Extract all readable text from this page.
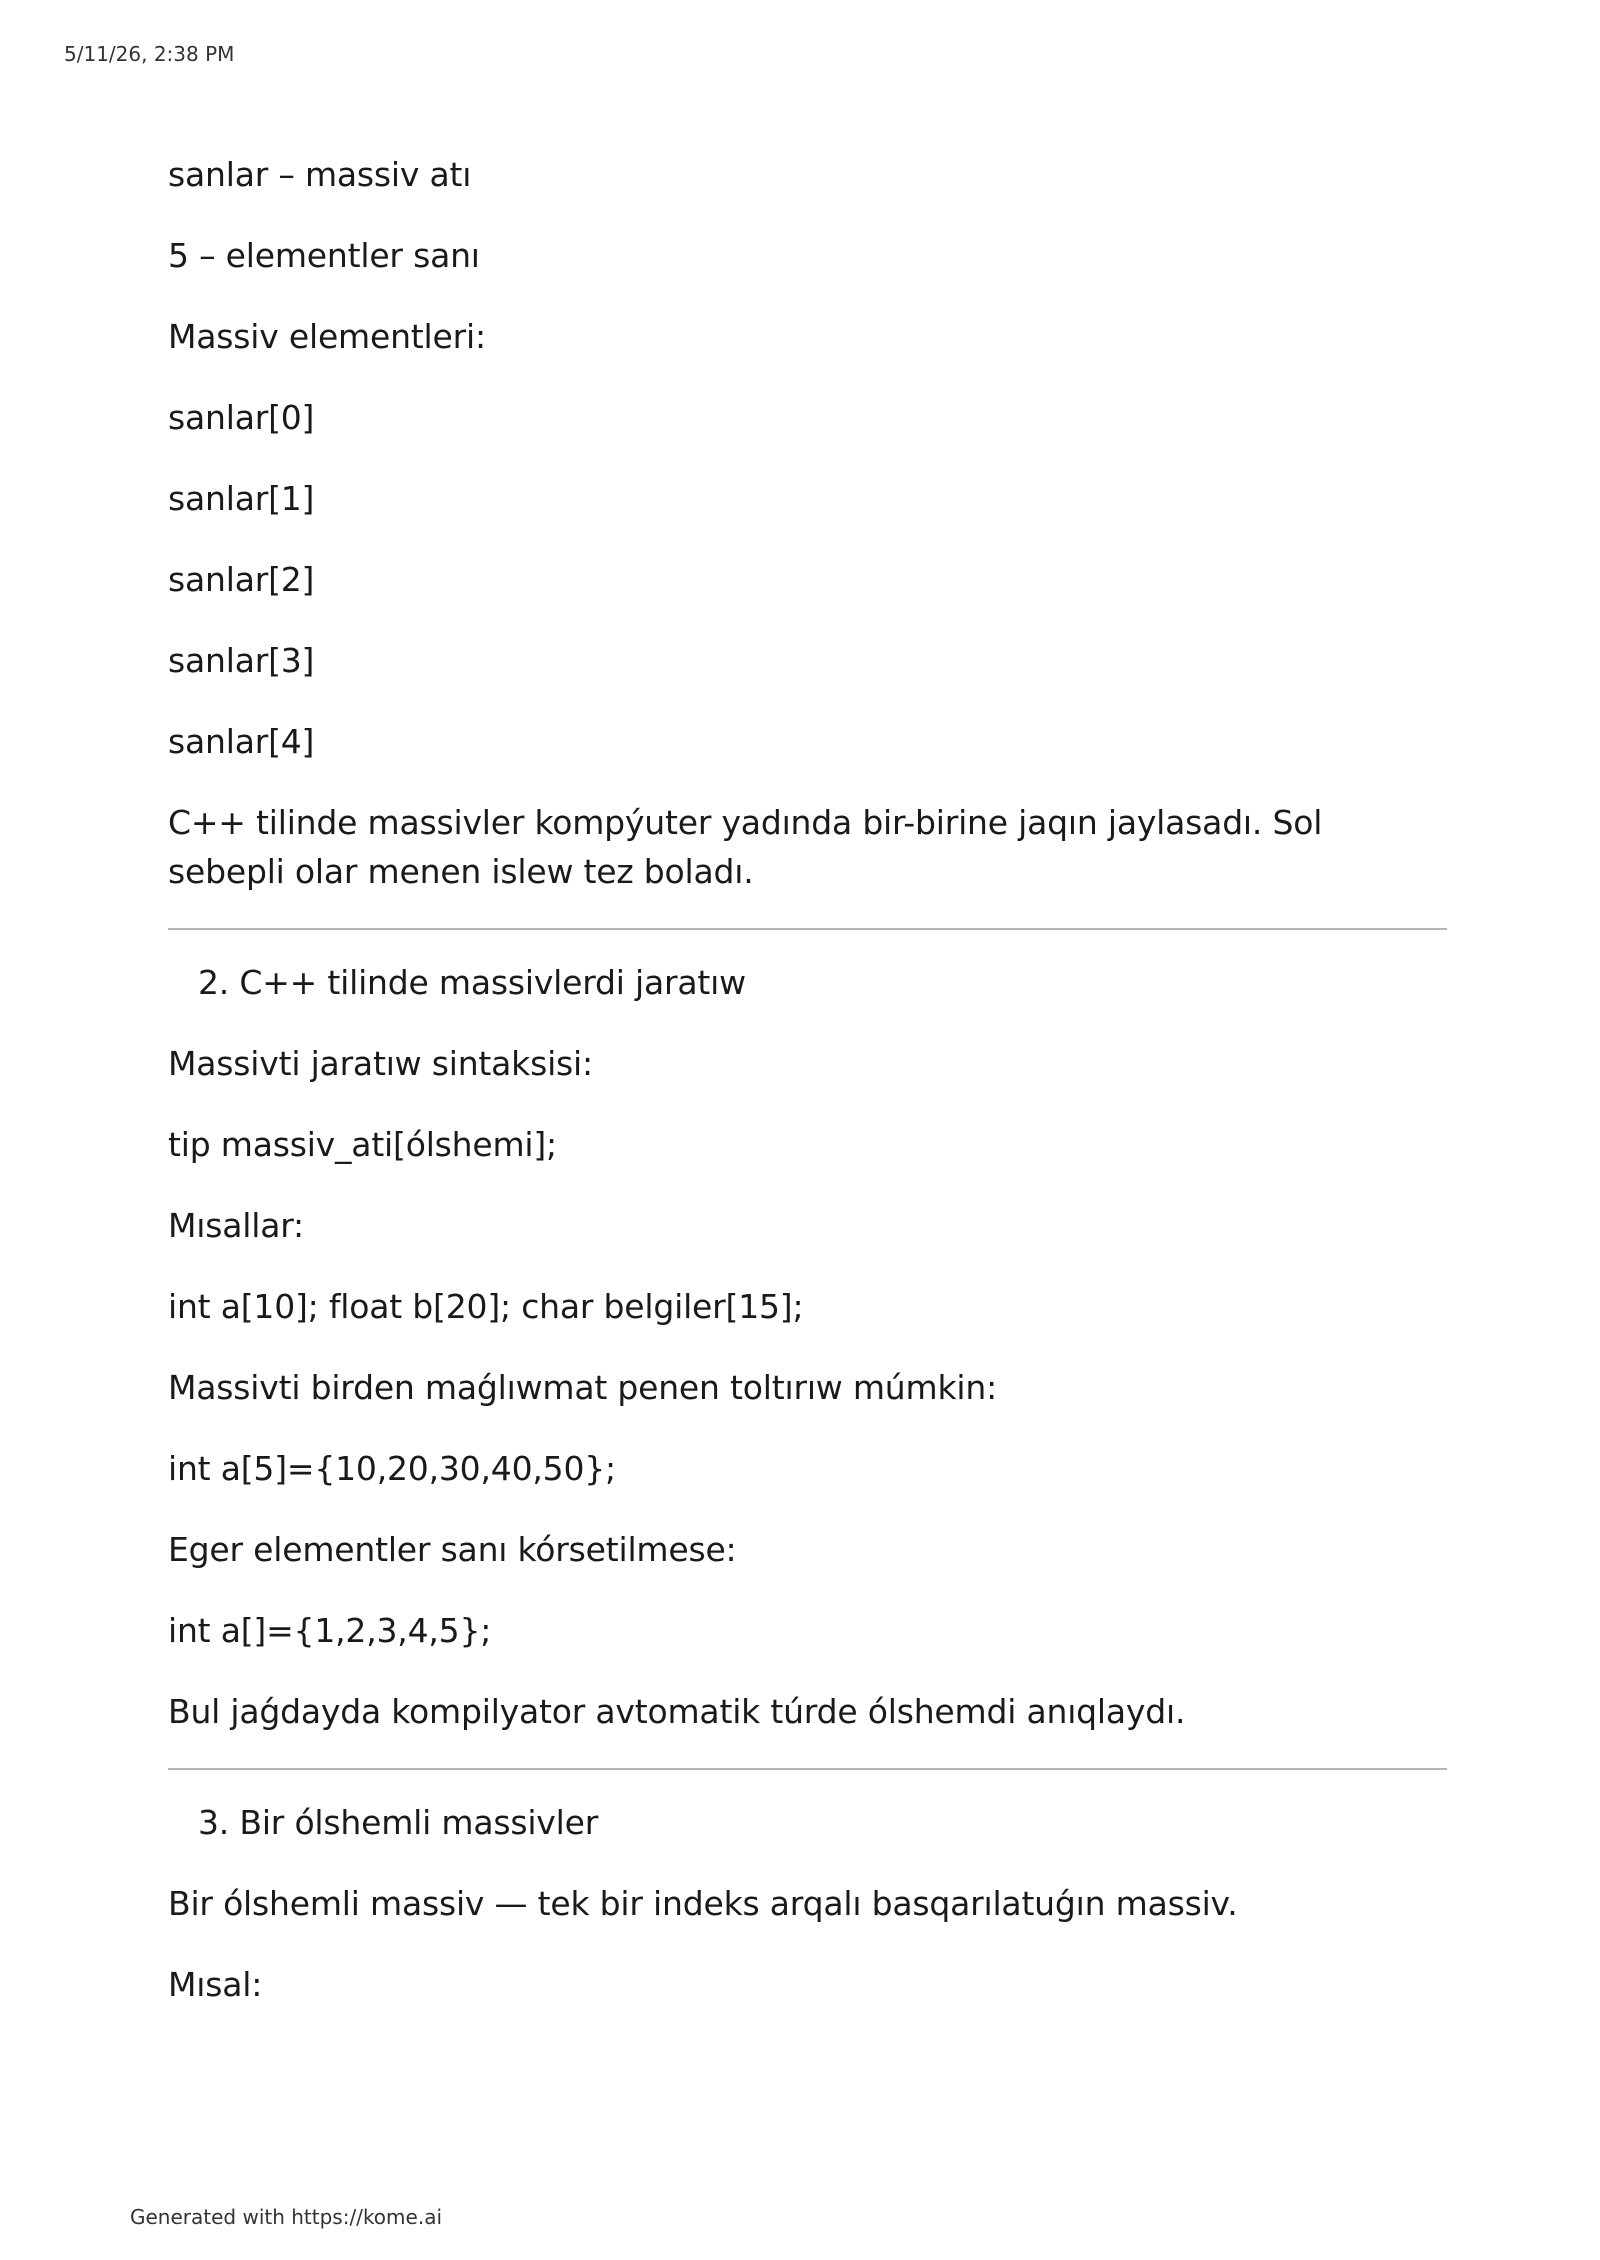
5/11/26, 2:38 PM

sanlar – massiv atı

5 – elementler sanı

Massiv elementleri:

sanlar[0]

sanlar[1]

sanlar[2]

sanlar[3]

sanlar[4]

C++ tilinde massivler kompýuter yadında bir-birine jaqın jaylasadı. Sol sebepli olar menen islew tez boladı.

2. C++ tilinde massivlerdi jaratıw

Massivti jaratıw sintaksisi:

tip massiv_ati[ólshemi];

Mısallar:

int a[10]; float b[20]; char belgiler[15];

Massivti birden maǵlıwmat penen toltırıw múmkin:

int a[5]={10,20,30,40,50};

Eger elementler sanı kórsetilmese:

int a[]={1,2,3,4,5};

Bul jaǵdayda kompilyator avtomatik túrde ólshemdi anıqlaydı.

3. Bir ólshemli massivler

Bir ólshemli massiv — tek bir indeks arqalı basqarılatuǵın massiv.

Mısal:

Generated with https://kome.ai
